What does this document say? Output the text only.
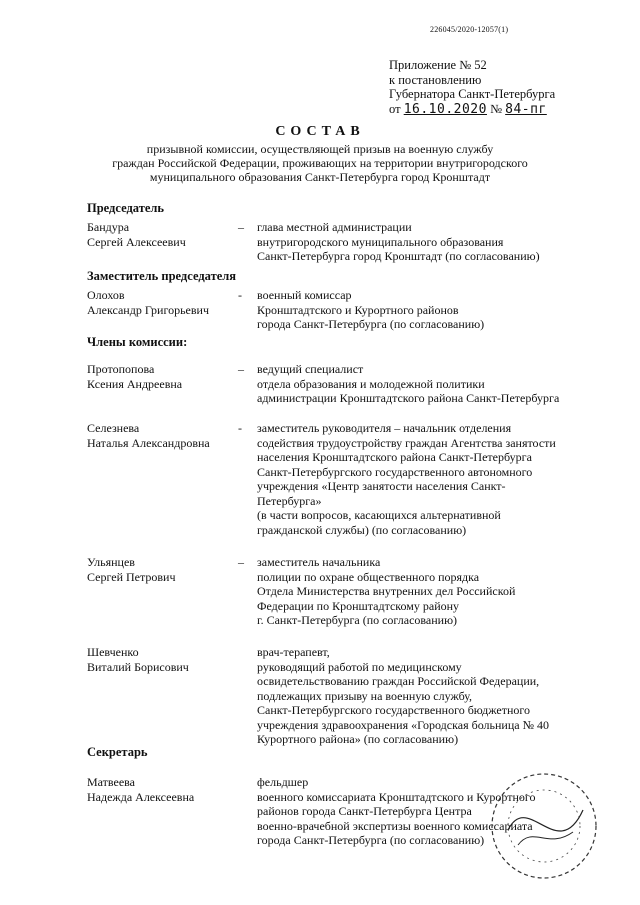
226045/2020-12057(1)
Приложение № 52
к постановлению
Губернатора Санкт-Петербурга
от 16.10.2020 № 84-пг
СОСТАВ
призывной комиссии, осуществляющей призыв на военную службу
граждан Российской Федерации, проживающих на территории внутригородского
муниципального образования Санкт-Петербурга город Кронштадт
Председатель
Бандура
Сергей Алексеевич
– глава местной администрации
внутригородского муниципального образования
Санкт-Петербурга город Кронштадт (по согласованию)
Заместитель председателя
Олохов
Александр Григорьевич
- военный комиссар
Кронштадтского и Курортного районов
города Санкт-Петербурга (по согласованию)
Члены комиссии:
Протопопова
Ксения Андреевна
– ведущий специалист
отдела образования и молодежной политики
администрации Кронштадтского района Санкт-Петербурга
Селезнева
Наталья Александровна
- заместитель руководителя – начальник отделения
содействия трудоустройству граждан Агентства занятости
населения Кронштадтского района Санкт-Петербурга
Санкт-Петербургского государственного автономного
учреждения «Центр занятости населения Санкт-
Петербурга»
(в части вопросов, касающихся альтернативной
гражданской службы) (по согласованию)
Ульянцев
Сергей Петрович
– заместитель начальника
полиции по охране общественного порядка
Отдела Министерства внутренних дел Российской
Федерации по Кронштадтскому району
г. Санкт-Петербурга (по согласованию)
Шевченко
Виталий Борисович
врач-терапевт,
руководящий работой по медицинскому
освидетельствованию граждан Российской Федерации,
подлежащих призыву на военную службу,
Санкт-Петербургского государственного бюджетного
учреждения здравоохранения «Городская больница № 40
Курортного района» (по согласованию)
Секретарь
Матвеева
Надежда Алексеевна
фельдшер
военного комиссариата Кронштадтского и Курортного
районов города Санкт-Петербурга Центра
военно-врачебной экспертизы военного комиссариата
города Санкт-Петербурга (по согласованию)
